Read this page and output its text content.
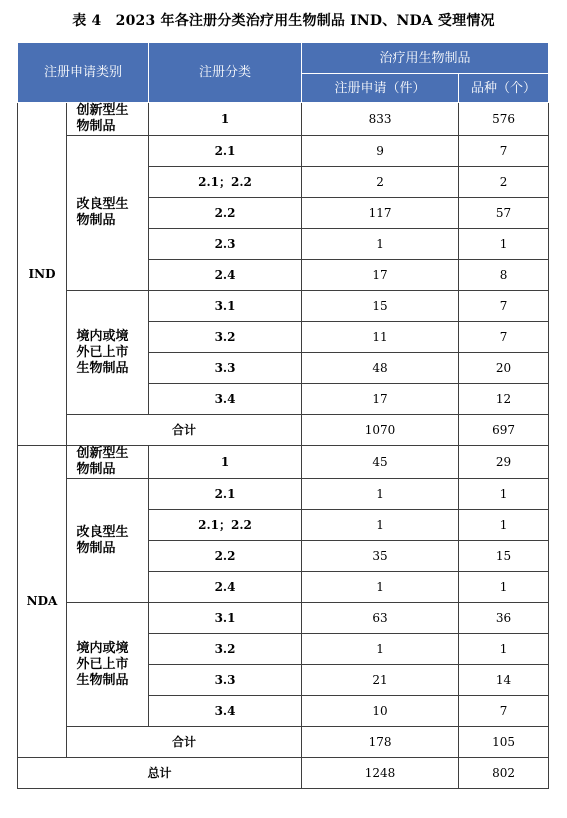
表 4　2023 年各注册分类治疗用生物制品 IND、NDA 受理情况
注册申请类别		注册分类	治疗用生物制品	
			注册申请（件）	品种（个）
IND	创新型生物制品	1	833	576
	改良型生物制品	2.1	9	7
		2.1；2.2	2	2
		2.2	117	57
		2.3	1	1
		2.4	17	8
	境内或境外已上市生物制品	3.1	15	7
		3.2	11	7
		3.3	48	20
		3.4	17	12
	合计		1070	697
NDA	创新型生物制品	1	45	29
	改良型生物制品	2.1	1	1
		2.1；2.2	1	1
		2.2	35	15
		2.4	1	1
	境内或境外已上市生物制品	3.1	63	36
		3.2	1	1
		3.3	21	14
		3.4	10	7
	合计		178	105
总计			1248	802
